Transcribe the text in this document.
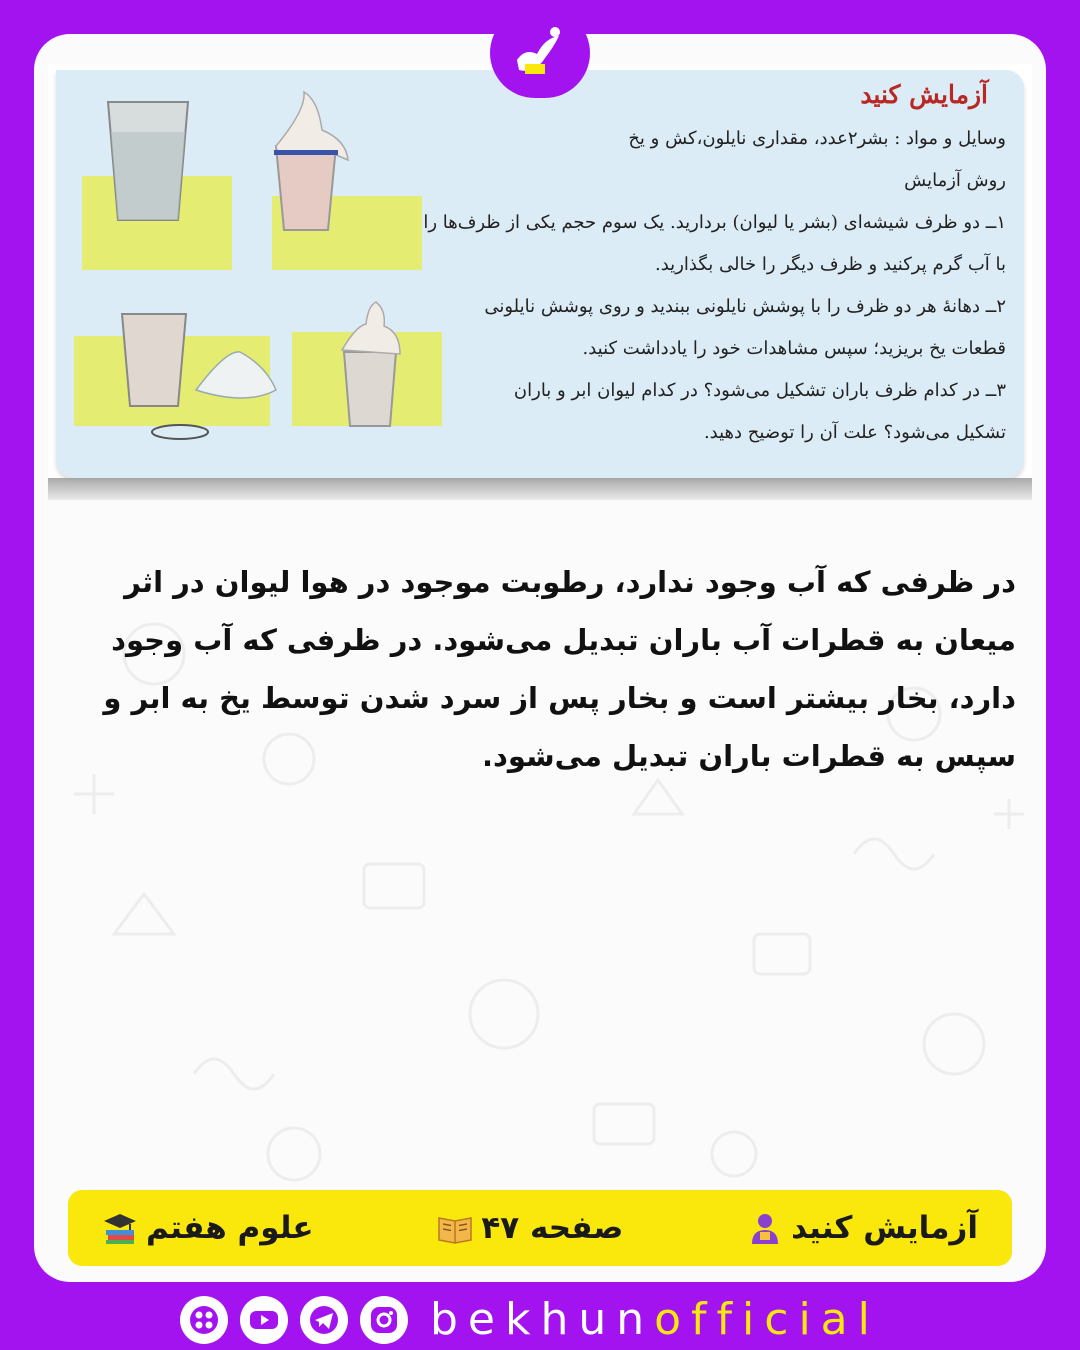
آزمایش کنید
وسایل و مواد : بشر۲عدد، مقداری نایلون،کش و یخ
روش آزمایش
۱ــ دو ظرف شیشه‌ای (بشر یا لیوان) بردارید. یک سوم حجم یکی از ظرف‌ها را
با آب گرم پرکنید و ظرف دیگر را خالی بگذارید.
۲ــ دهانهٔ هر دو ظرف را با پوشش نایلونی ببندید و روی پوشش نایلونی
قطعات یخ بریزید؛ سپس مشاهدات خود را یادداشت کنید.
۳ــ در کدام ظرف باران تشکیل می‌شود؟ در کدام لیوان ابر و باران
تشکیل می‌شود؟ علت آن را توضیح دهید.
در ظرفی که آب وجود ندارد، رطوبت موجود در هوا لیوان در اثر میعان به قطرات آب باران تبدیل می‌شود. در ظرفی که آب وجود دارد، بخار بیشتر است و بخار پس از سرد شدن توسط یخ به ابر و سپس به قطرات باران تبدیل می‌شود.
آزمایش کنید
صفحه ۴۷
علوم هفتم
bekhunofficial
